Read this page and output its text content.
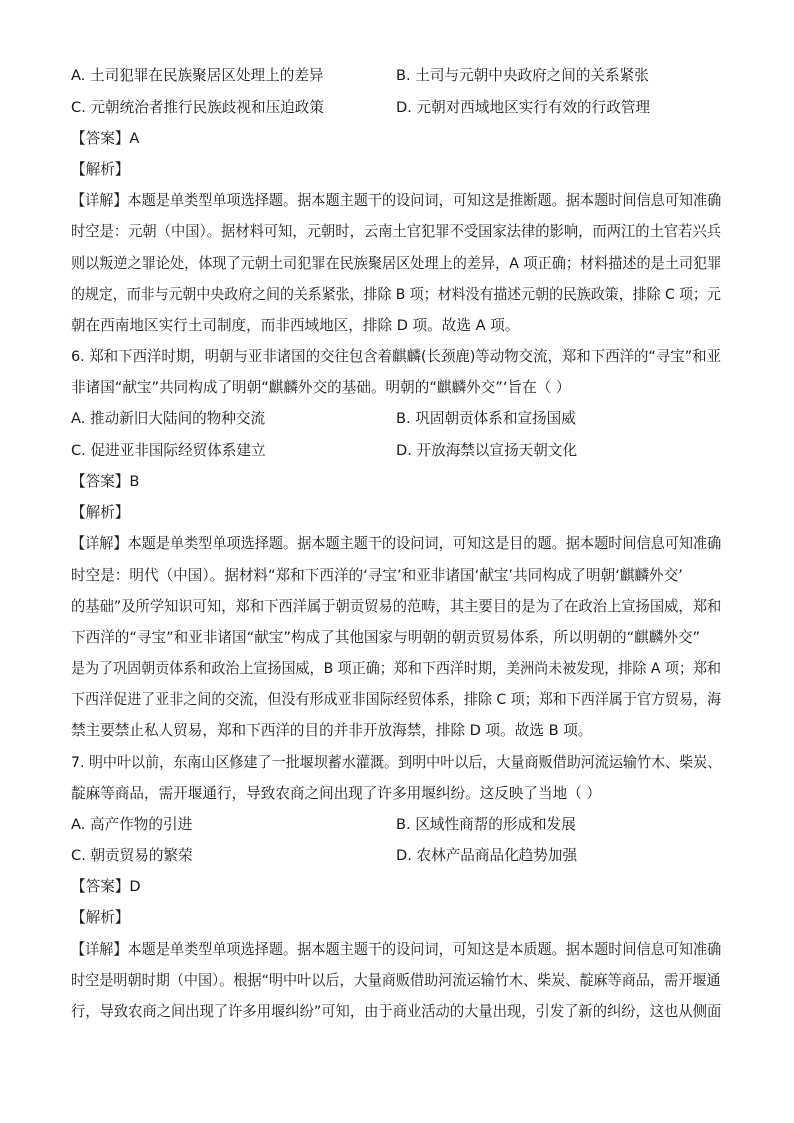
A. 土司犯罪在民族聚居区处理上的差异	B. 土司与元朝中央政府之间的关系紧张
C. 元朝统治者推行民族歧视和压迫政策	D. 元朝对西域地区实行有效的行政管理
【答案】A
【解析】
【详解】本题是单类型单项选择题。据本题主题干的设问词，可知这是推断题。据本题时间信息可知准确
时空是：元朝（中国）。据材料可知，元朝时，云南土官犯罪不受国家法律的影响，而两江的土官若兴兵
则以叛逆之罪论处，体现了元朝土司犯罪在民族聚居区处理上的差异，A 项正确；材料描述的是土司犯罪
的规定，而非与元朝中央政府之间的关系紧张，排除 B 项；材料没有描述元朝的民族政策，排除 C 项；元
朝在西南地区实行土司制度，而非西域地区，排除 D 项。故选 A 项。
6. 郑和下西洋时期，明朝与亚非诸国的交往包含着麒麟(长颈鹿)等动物交流，郑和下西洋的“寻宝”和亚
非诸国“献宝”共同构成了明朝“麒麟外交的基础。明朝的“麒麟外交”‘旨在（ ）
A. 推动新旧大陆间的物种交流	B. 巩固朝贡体系和宣扬国威
C. 促进亚非国际经贸体系建立	D. 开放海禁以宣扬天朝文化
【答案】B
【解析】
【详解】本题是单类型单项选择题。据本题主题干的设问词，可知这是目的题。据本题时间信息可知准确
时空是：明代（中国）。据材料“郑和下西洋的‘寻宝’和亚非诸国‘献宝’共同构成了明朝‘麒麟外交’
的基础”及所学知识可知，郑和下西洋属于朝贡贸易的范畴，其主要目的是为了在政治上宣扬国威，郑和
下西洋的“寻宝”和亚非诸国“献宝”构成了其他国家与明朝的朝贡贸易体系，所以明朝的“麒麟外交”
是为了巩固朝贡体系和政治上宣扬国威，B 项正确；郑和下西洋时期，美洲尚未被发现，排除 A 项；郑和
下西洋促进了亚非之间的交流，但没有形成亚非国际经贸体系，排除 C 项；郑和下西洋属于官方贸易，海
禁主要禁止私人贸易，郑和下西洋的目的并非开放海禁，排除 D 项。故选 B 项。
7. 明中叶以前，东南山区修建了一批堰坝蓄水灌溉。到明中叶以后，大量商贩借助河流运输竹木、柴炭、
靛麻等商品，需开堰通行，导致农商之间出现了许多用堰纠纷。这反映了当地（ ）
A. 高产作物的引进	B. 区域性商帮的形成和发展
C. 朝贡贸易的繁荣	D. 农林产品商品化趋势加强
【答案】D
【解析】
【详解】本题是单类型单项选择题。据本题主题干的设问词，可知这是本质题。据本题时间信息可知准确
时空是明朝时期（中国）。根据“明中叶以后，大量商贩借助河流运输竹木、柴炭、靛麻等商品，需开堰通
行，导致农商之间出现了许多用堰纠纷”可知，由于商业活动的大量出现，引发了新的纠纷，这也从侧面
